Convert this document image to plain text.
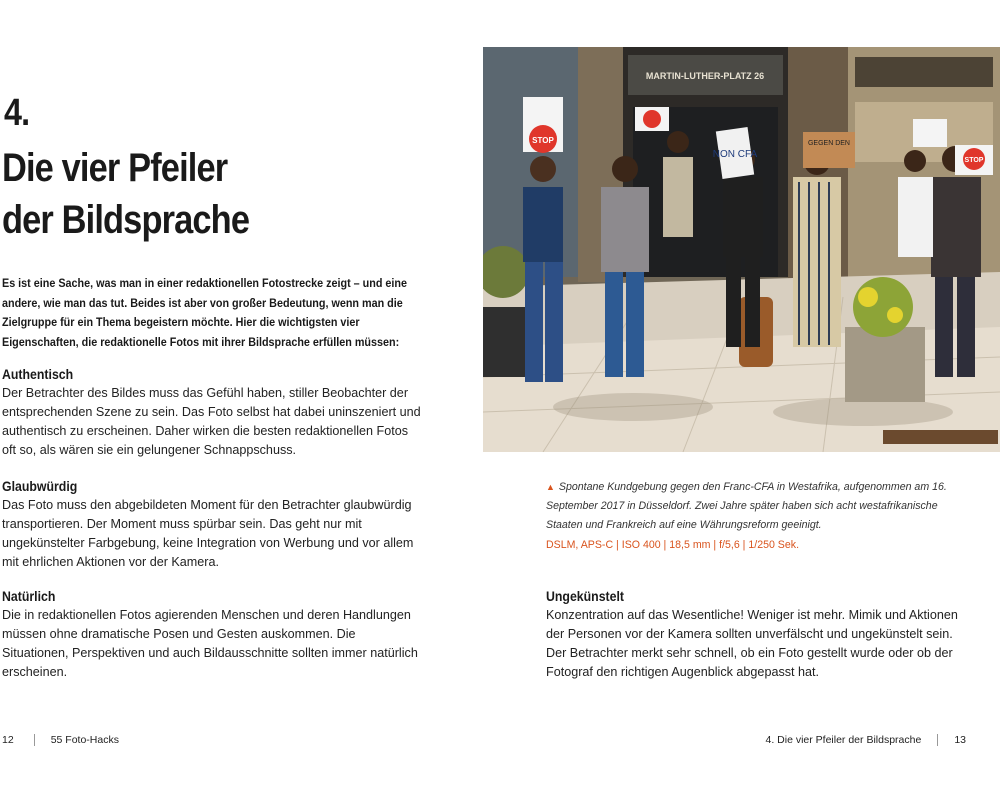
4.
Die vier Pfeiler
der Bildsprache
Es ist eine Sache, was man in einer redaktionellen Fotostrecke zeigt – und eine andere, wie man das tut. Beides ist aber von großer Bedeutung, wenn man die Zielgruppe für ein Thema begeistern möchte. Hier die wichtigsten vier Eigenschaften, die redaktionelle Fotos mit ihrer Bildsprache erfüllen müssen:
Authentisch

Der Betrachter des Bildes muss das Gefühl haben, stiller Beobachter der entsprechenden Szene zu sein. Das Foto selbst hat dabei uninszeniert und authentisch zu erscheinen. Daher wirken die besten redaktionellen Fotos oft so, als wären sie ein gelungener Schnappschuss.

Glaubwürdig

Das Foto muss den abgebildeten Moment für den Betrachter glaubwürdig transportieren. Der Moment muss spürbar sein. Das geht nur mit ungekünstelter Farbgebung, keine Integration von Werbung und vor allem mit ehrlichen Aktionen vor der Kamera.

Natürlich

Die in redaktionellen Fotos agierenden Menschen und deren Handlungen müssen ohne dramatische Posen und Gesten auskommen. Die Situationen, Perspektiven und auch Bildausschnitte sollten immer natürlich erscheinen.

12	55 Foto-Hacks
MARTIN-LUTHER-PLATZ 26
STOP
NON CFA
GEGEN DEN
STOP
▲ Spontane Kundgebung gegen den Franc-CFA in Westafrika, aufgenommen am 16. September 2017 in Düsseldorf. Zwei Jahre später haben sich acht westafrikanische Staaten und Frankreich auf eine Währungsreform geeinigt.
DSLM, APS-C | ISO 400 | 18,5 mm | f/5,6 | 1/250 Sek.
Ungekünstelt

Konzentration auf das Wesentliche! Weniger ist mehr. Mimik und Aktionen der Personen vor der Kamera sollten unverfälscht und ungekünstelt sein. Der Betrachter merkt sehr schnell, ob ein Foto gestellt wurde oder ob der Fotograf den richtigen Augenblick abgepasst hat.

4. Die vier Pfeiler der Bildsprache	13
